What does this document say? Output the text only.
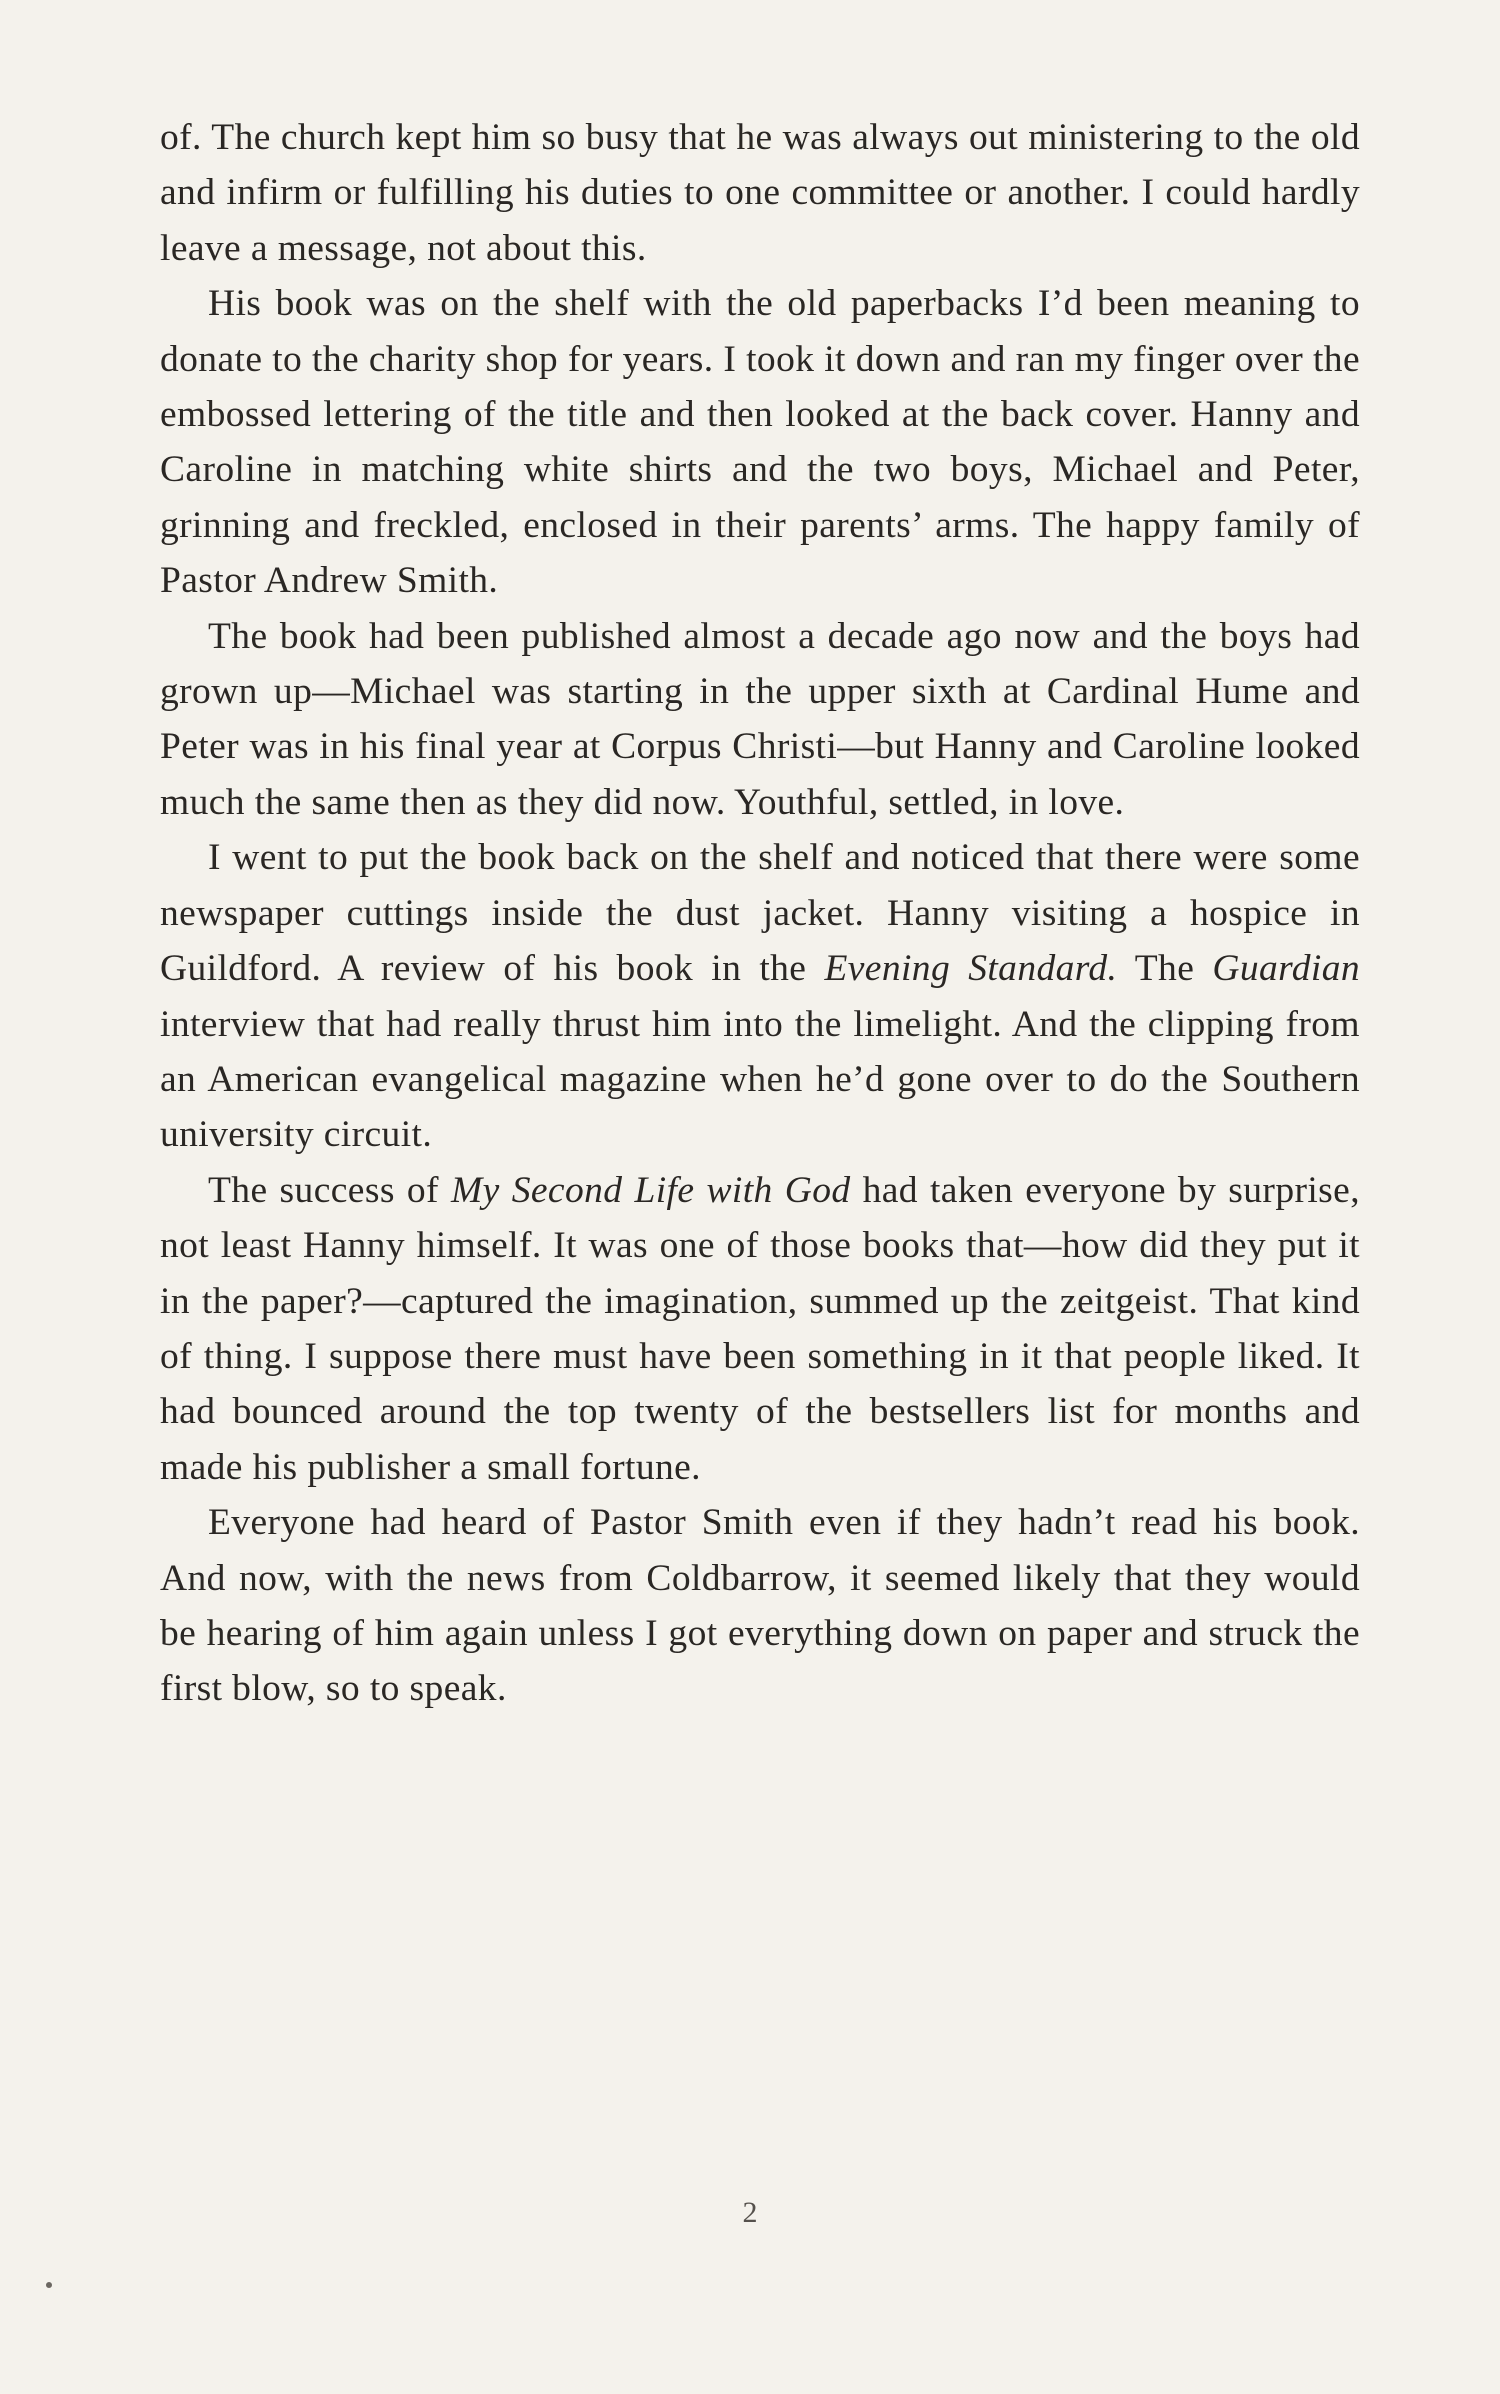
of. The church kept him so busy that he was always out ministering to the old and infirm or fulfilling his duties to one committee or another. I could hardly leave a message, not about this.

His book was on the shelf with the old paperbacks I’d been meaning to donate to the charity shop for years. I took it down and ran my finger over the embossed lettering of the title and then looked at the back cover. Hanny and Caroline in matching white shirts and the two boys, Michael and Peter, grinning and freckled, enclosed in their parents’ arms. The happy family of Pastor Andrew Smith.

The book had been published almost a decade ago now and the boys had grown up—Michael was starting in the upper sixth at Cardinal Hume and Peter was in his final year at Corpus Christi—but Hanny and Caroline looked much the same then as they did now. Youthful, settled, in love.

I went to put the book back on the shelf and noticed that there were some newspaper cuttings inside the dust jacket. Hanny visiting a hospice in Guildford. A review of his book in the Evening Standard. The Guardian interview that had really thrust him into the limelight. And the clipping from an American evangelical magazine when he’d gone over to do the Southern university circuit.

The success of My Second Life with God had taken everyone by surprise, not least Hanny himself. It was one of those books that—how did they put it in the paper?—captured the imagination, summed up the zeitgeist. That kind of thing. I suppose there must have been something in it that people liked. It had bounced around the top twenty of the bestsellers list for months and made his publisher a small fortune.

Everyone had heard of Pastor Smith even if they hadn’t read his book. And now, with the news from Coldbarrow, it seemed likely that they would be hearing of him again unless I got everything down on paper and struck the first blow, so to speak.

2
